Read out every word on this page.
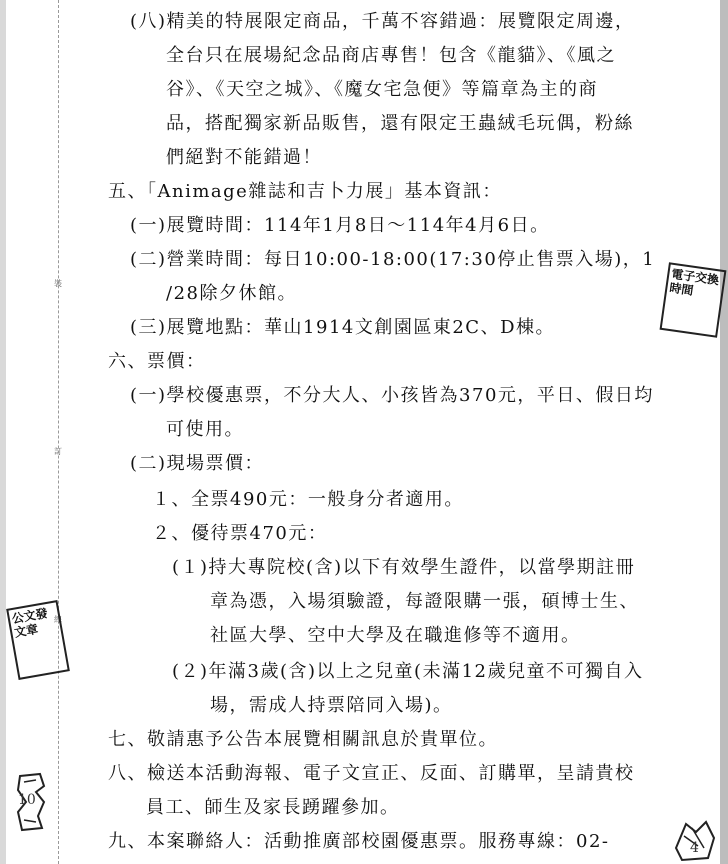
裝
訂
線
(八)精美的特展限定商品，千萬不容錯過：展覽限定周邊，
全台只在展場紀念品商店專售！包含《龍貓》、《風之
谷》、《天空之城》、《魔女宅急便》等篇章為主的商
品，搭配獨家新品販售，還有限定王蟲絨毛玩偶，粉絲
們絕對不能錯過！
五、「Animage雜誌和吉卜力展」基本資訊：
(一)展覽時間：114年1月8日～114年4月6日。
(二)營業時間：每日10:00-18:00(17:30停止售票入場)，1
/28除夕休館。
(三)展覽地點：華山1914文創園區東2C、D棟。
六、票價：
(一)學校優惠票，不分大人、小孩皆為370元，平日、假日均
可使用。
(二)現場票價：
１、全票490元：一般身分者適用。
２、優待票470元：
(１)持大專院校(含)以下有效學生證件，以當學期註冊
章為憑，入場須驗證，每證限購一張，碩博士生、
社區大學、空中大學及在職進修等不適用。
(２)年滿3歲(含)以上之兒童(未滿12歲兒童不可獨自入
場，需成人持票陪同入場)。
七、敬請惠予公告本展覽相關訊息於貴單位。
八、檢送本活動海報、電子文宣正、反面、訂購單，呈請貴校
員工、師生及家長踴躍參加。
九、本案聯絡人：活動推廣部校園優惠票。服務專線：02-
電子交換時間
公文發文章
10
4
